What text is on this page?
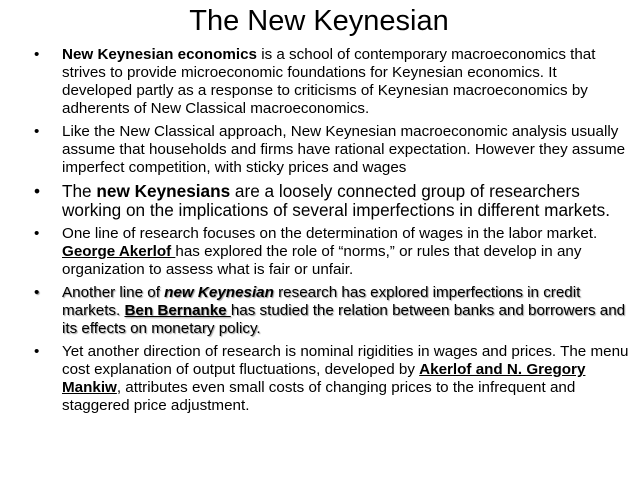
The New Keynesian
• New Keynesian economics is a school of contemporary macroeconomics that strives to provide microeconomic foundations for Keynesian economics. It developed partly as a response to criticisms of Keynesian macroeconomics by adherents of New Classical macroeconomics.
• Like the New Classical approach, New Keynesian macroeconomic analysis usually assume that households and firms have rational expectation. However they assume imperfect competition, with sticky prices and wages
• The new Keynesians are a loosely connected group of researchers working on the implications of several imperfections in different markets.
• One line of research focuses on the determination of wages in the labor market. George Akerlof has explored the role of “norms,” or rules that develop in any organization to assess what is fair or unfair.
• Another line of new Keynesian research has explored imperfections in credit markets. Ben Bernanke has studied the relation between banks and borrowers and its effects on monetary policy.
• Yet another direction of research is nominal rigidities in wages and prices. The menu cost explanation of output fluctuations, developed by Akerlof and N. Gregory Mankiw, attributes even small costs of changing prices to the infrequent and staggered price adjustment.
